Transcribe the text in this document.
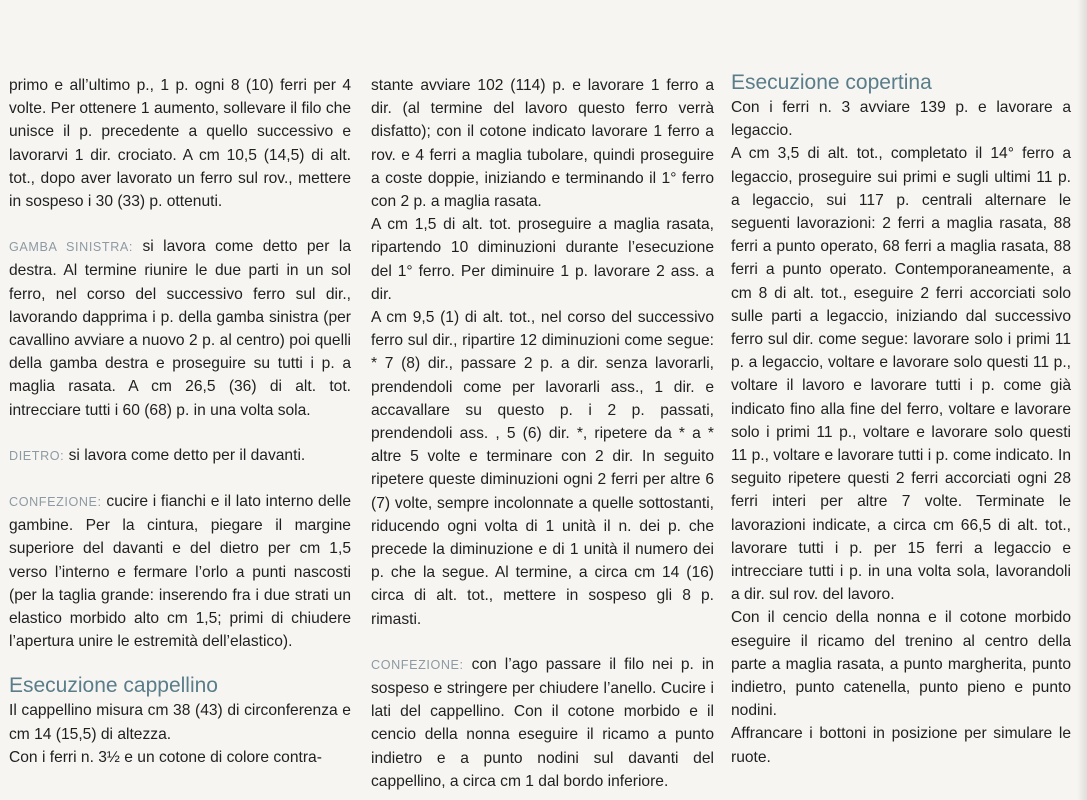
primo e all’ultimo p., 1 p. ogni 8 (10) ferri per 4 volte. Per ottenere 1 aumento, sollevare il filo che unisce il p. precedente a quello successivo e lavorarvi 1 dir. crociato. A cm 10,5 (14,5) di alt. tot., dopo aver lavorato un ferro sul rov., mettere in sospeso i 30 (33) p. ottenuti.

GAMBA SINISTRA: si lavora come detto per la destra. Al termine riunire le due parti in un sol ferro, nel corso del successivo ferro sul dir., lavorando dapprima i p. della gamba sinistra (per cavallino avviare a nuovo 2 p. al centro) poi quelli della gamba destra e proseguire su tutti i p. a maglia rasata. A cm 26,5 (36) di alt. tot. intrecciare tutti i 60 (68) p. in una volta sola.

DIETRO: si lavora come detto per il davanti.

CONFEZIONE: cucire i fianchi e il lato interno delle gambine. Per la cintura, piegare il margine superiore del davanti e del dietro per cm 1,5 verso l’interno e fermare l’orlo a punti nascosti (per la taglia grande: inserendo fra i due strati un elastico morbido alto cm 1,5; primi di chiudere l’apertura unire le estremità dell’elastico).

Esecuzione cappellino

Il cappellino misura cm 38 (43) di circonferenza e cm 14 (15,5) di altezza.

Con i ferri n. 3½ e un cotone di colore contra-

stante avviare 102 (114) p. e lavorare 1 ferro a dir. (al termine del lavoro questo ferro verrà disfatto); con il cotone indicato lavorare 1 ferro a rov. e 4 ferri a maglia tubolare, quindi proseguire a coste doppie, iniziando e terminando il 1° ferro con 2 p. a maglia rasata.

A cm 1,5 di alt. tot. proseguire a maglia rasata, ripartendo 10 diminuzioni durante l’esecuzione del 1° ferro. Per diminuire 1 p. lavorare 2 ass. a dir.

A cm 9,5 (1) di alt. tot., nel corso del successivo ferro sul dir., ripartire 12 diminuzioni come segue: * 7 (8) dir., passare 2 p. a dir. senza lavorarli, prendendoli come per lavorarli ass., 1 dir. e accavallare su questo p. i 2 p. passati, prendendoli ass. , 5 (6) dir. *, ripetere da * a * altre 5 volte e terminare con 2 dir. In seguito ripetere queste diminuzioni ogni 2 ferri per altre 6 (7) volte, sempre incolonnate a quelle sottostanti, riducendo ogni volta di 1 unità il n. dei p. che precede la diminuzione e di 1 unità il numero dei p. che la segue. Al termine, a circa cm 14 (16) circa di alt. tot., mettere in sospeso gli 8 p. rimasti.

CONFEZIONE: con l’ago passare il filo nei p. in sospeso e stringere per chiudere l’anello. Cucire i lati del cappellino. Con il cotone morbido e il cencio della nonna eseguire il ricamo a punto indietro e a punto nodini sul davanti del cappellino, a circa cm 1 dal bordo inferiore.

Esecuzione copertina

Con i ferri n. 3 avviare 139 p. e lavorare a legaccio.

A cm 3,5 di alt. tot., completato il 14° ferro a legaccio, proseguire sui primi e sugli ultimi 11 p. a legaccio, sui 117 p. centrali alternare le seguenti lavorazioni: 2 ferri a maglia rasata, 88 ferri a punto operato, 68 ferri a maglia rasata, 88 ferri a punto operato. Contemporaneamente, a cm 8 di alt. tot., eseguire 2 ferri accorciati solo sulle parti a legaccio, iniziando dal successivo ferro sul dir. come segue: lavorare solo i primi 11 p. a legaccio, voltare e lavorare solo questi 11 p., voltare il lavoro e lavorare tutti i p. come già indicato fino alla fine del ferro, voltare e lavorare solo i primi 11 p., voltare e lavorare solo questi 11 p., voltare e lavorare tutti i p. come indicato. In seguito ripetere questi 2 ferri accorciati ogni 28 ferri interi per altre 7 volte. Terminate le lavorazioni indicate, a circa cm 66,5 di alt. tot., lavorare tutti i p. per 15 ferri a legaccio e intrecciare tutti i p. in una volta sola, lavorandoli a dir. sul rov. del lavoro.

Con il cencio della nonna e il cotone morbido eseguire il ricamo del trenino al centro della parte a maglia rasata, a punto margherita, punto indietro, punto catenella, punto pieno e punto nodini.

Affrancare i bottoni in posizione per simulare le ruote.
